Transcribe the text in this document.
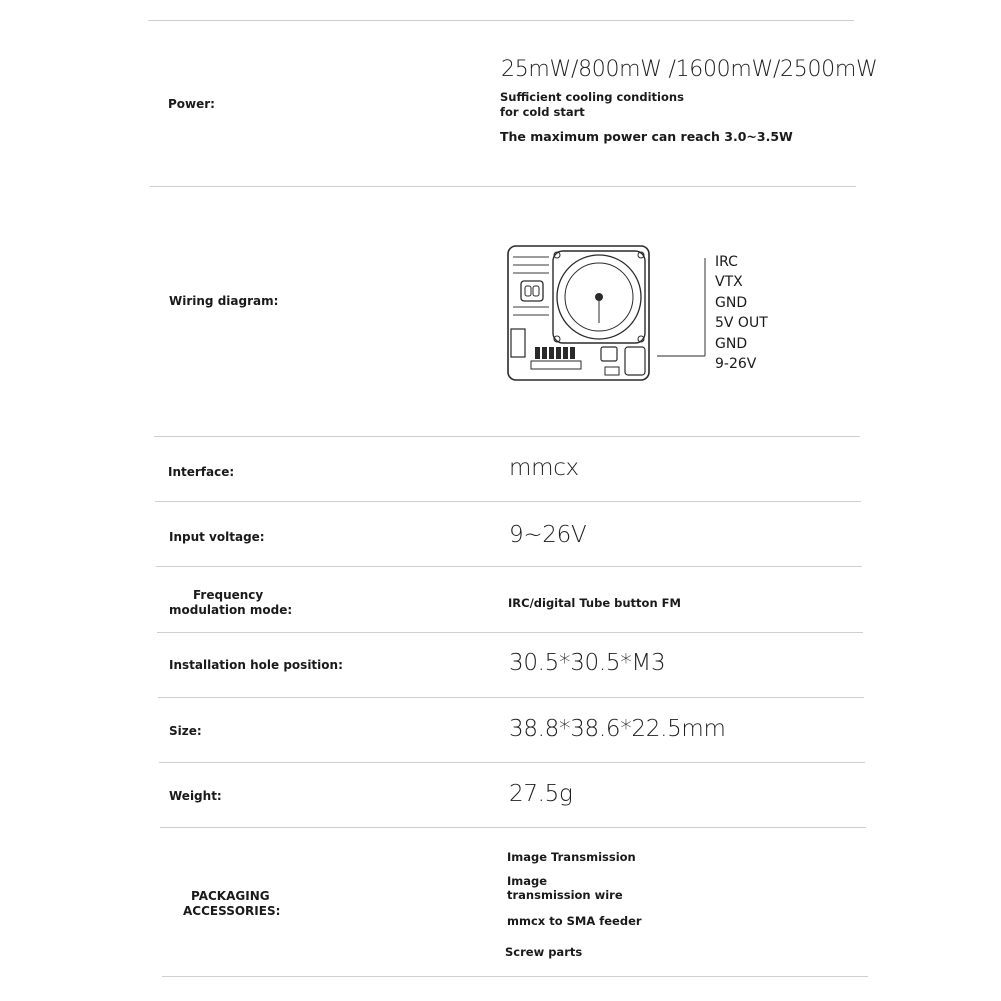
Power:
25mW/800mW /1600mW/2500mW
Sufficient cooling conditions
for cold start
The maximum power can reach 3.0~3.5W
Wiring diagram:
IRC
VTX
GND
5V OUT
GND
9-26V
Interface:	mmcx
Input voltage:	9~26V
Frequency
modulation mode:	IRC/digital Tube button FM
Installation hole position:	30.5*30.5*M3
Size:	38.8*38.6*22.5mm
Weight:	27.5g
PACKAGING
ACCESSORIES:
Image Transmission
Image
transmission wire
mmcx to SMA feeder
Screw parts
